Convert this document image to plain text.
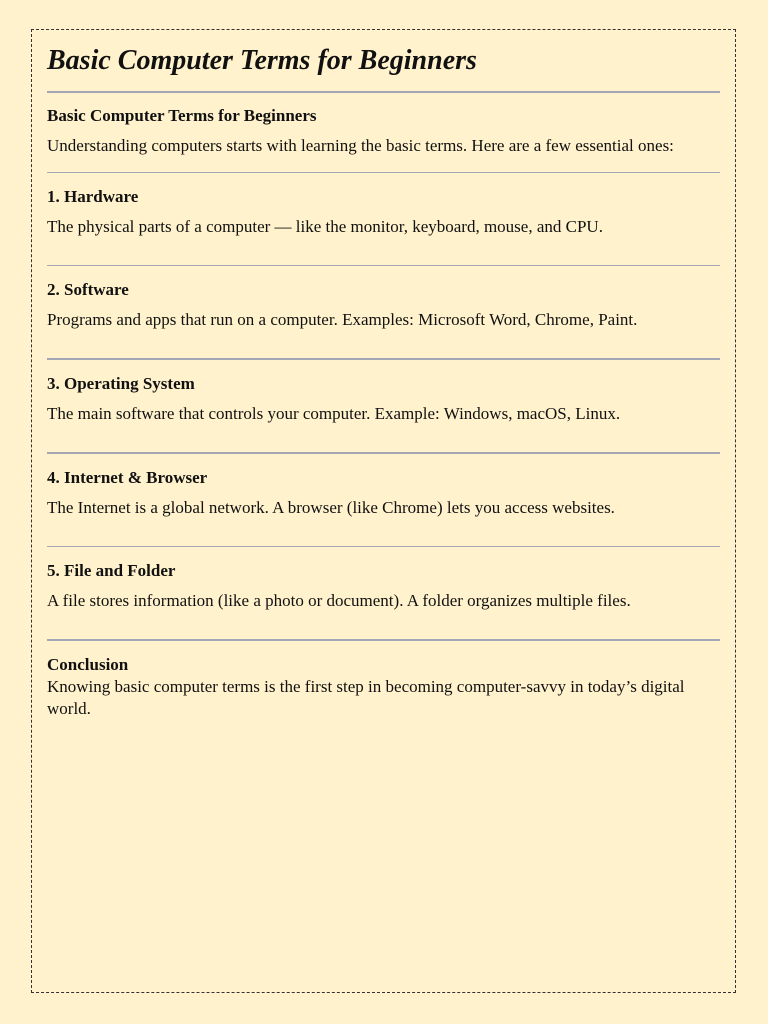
Basic Computer Terms for Beginners

Basic Computer Terms for Beginners

Understanding computers starts with learning the basic terms. Here are a few essential ones:

1. Hardware

The physical parts of a computer — like the monitor, keyboard, mouse, and CPU.

2. Software

Programs and apps that run on a computer. Examples: Microsoft Word, Chrome, Paint.

3. Operating System

The main software that controls your computer. Example: Windows, macOS, Linux.

4. Internet & Browser

The Internet is a global network. A browser (like Chrome) lets you access websites.

5. File and Folder

A file stores information (like a photo or document). A folder organizes multiple files.

Conclusion

Knowing basic computer terms is the first step in becoming computer-savvy in today’s digital world.
